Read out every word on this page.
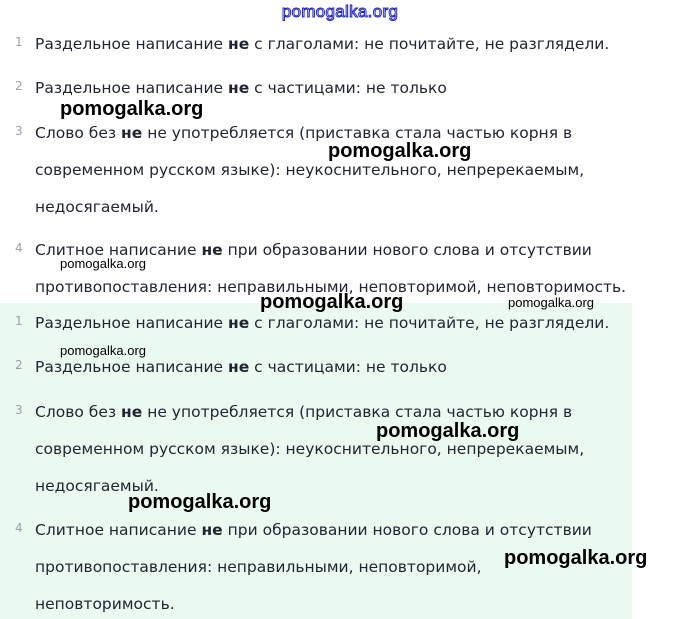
pomogalka.org
1 Раздельное написание не с глаголами: не почитайте, не разглядели.
2 Раздельное написание не с частицами: не только
3 Слово без не не употребляется (приставка стала частью корня в
современном русском языке): неукоснительного, непререкаемым,
недосягаемый.
4 Слитное написание не при образовании нового слова и отсутствии
противопоставления: неправильными, неповторимой, неповторимость.
1 Раздельное написание не с глаголами: не почитайте, не разглядели.
2 Раздельное написание не с частицами: не только
3 Слово без не не употребляется (приставка стала частью корня в
современном русском языке): неукоснительного, непререкаемым,
недосягаемый.
4 Слитное написание не при образовании нового слова и отсутствии
противопоставления: неправильными, неповторимой,
неповторимость.
pomogalka.org
pomogalka.org
pomogalka.org
pomogalka.org	pomogalka.org
pomogalka.org
pomogalka.org
pomogalka.org
pomogalka.org
